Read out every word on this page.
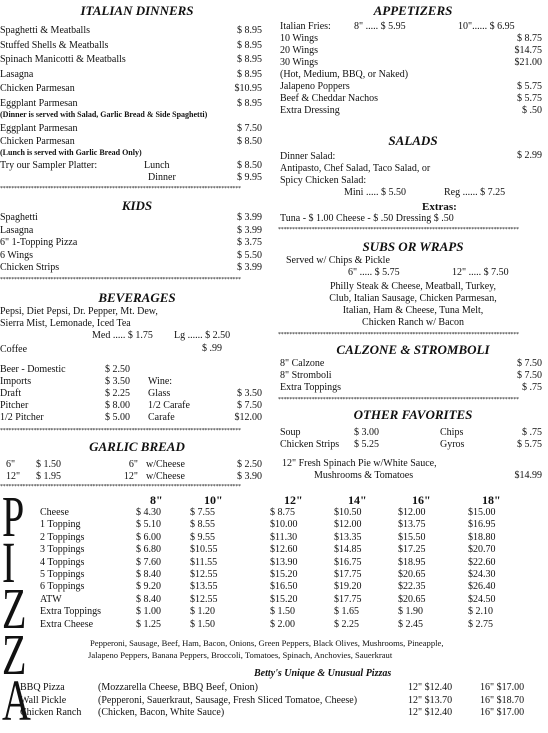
ITALIAN DINNERS
Spaghetti & Meatballs	$ 8.95
Stuffed Shells & Meatballs	$ 8.95
Spinach Manicotti & Meatballs	$ 8.95
Lasagna	$ 8.95
Chicken Parmesan	$10.95
Eggplant Parmesan	$ 8.95
(Dinner is served with Salad, Garlic Bread & Side Spaghetti)
Eggplant Parmesan	$ 7.50
Chicken Parmesan	$ 8.50
(Lunch is served with Garlic Bread Only)
Try our Sampler Platter:	Lunch	$ 8.50
Dinner	$ 9.95
**************************************************************************************
KIDS
Spaghetti	$ 3.99
Lasagna	$ 3.99
6" 1-Topping Pizza	$ 3.75
6 Wings	$ 5.50
Chicken Strips	$ 3.99
**************************************************************************************
BEVERAGES
Pepsi, Diet Pepsi, Dr. Pepper, Mt. Dew,
Sierra Mist, Lemonade, Iced Tea
Med ..... $ 1.75 Lg ...... $ 2.50
Coffee	$ .99
Beer - Domestic	$ 2.50
Imports	$ 3.50
Draft	$ 2.25
Pitcher	$ 8.00
1/2 Pitcher	$ 5.00
Wine:
Glass	$ 3.50
1/2 Carafe	$ 7.50
Carafe	$12.00
**************************************************************************************
GARLIC BREAD
6" $ 1.50	6" w/Cheese	$ 2.50
12" $ 1.95	12" w/Cheese	$ 3.90
APPETIZERS
Italian Fries: 8" ..... $ 5.95	10"...... $ 6.95
10 Wings	$ 8.75
20 Wings	$14.75
30 Wings	$21.00
(Hot, Medium, BBQ, or Naked)
Jalapeno Poppers	$ 5.75
Beef & Cheddar Nachos	$ 5.75
Extra Dressing	$ .50
SALADS
Dinner Salad:	$ 2.99
Antipasto, Chef Salad, Taco Salad, or
Spicy Chicken Salad:
Mini ..... $ 5.50	Reg ...... $ 7.25
Extras:
Tuna - $ 1.00 Cheese - $ .50 Dressing $ .50
**************************************************************************************
SUBS OR WRAPS
Served w/ Chips & Pickle
6" ..... $ 5.75	12" ..... $ 7.50
Philly Steak & Cheese, Meatball, Turkey,
Club, Italian Sausage, Chicken Parmesan,
Italian, Ham & Cheese, Tuna Melt,
Chicken Ranch w/ Bacon
**************************************************************************************
CALZONE & STROMBOLI
8" Calzone	$ 7.50
8" Stromboli	$ 7.50
Extra Toppings	$ .75
**************************************************************************************
OTHER FAVORITES
Soup	$ 3.00	Chips	$ .75
Chicken Strips $ 5.25	Gyros	$ 5.75
12" Fresh Spinach Pie w/White Sauce,
Mushrooms & Tomatoes	$14.99
**************************************************************************************
P
I
Z
Z
A
8"	10"	12"	14"	16"	18"
Cheese	$ 4.30	$ 7.55	$ 8.75	$10.50	$12.00	$15.00
1 Topping	$ 5.10	$ 8.55	$10.00	$12.00	$13.75	$16.95
2 Toppings	$ 6.00	$ 9.55	$11.30	$13.35	$15.50	$18.80
3 Toppings	$ 6.80	$10.55	$12.60	$14.85	$17.25	$20.70
4 Toppings	$ 7.60	$11.55	$13.90	$16.75	$18.95	$22.60
5 Toppings	$ 8.40	$12.55	$15.20	$17.75	$20.65	$24.30
6 Toppings	$ 9.20	$13.55	$16.50	$19.20	$22.35	$26.40
ATW	$ 8.40	$12.55	$15.20	$17.75	$20.65	$24.50
Extra Toppings	$ 1.00	$ 1.20	$ 1.50	$ 1.65	$ 1.90	$ 2.10
Extra Cheese	$ 1.25	$ 1.50	$ 2.00	$ 2.25	$ 2.45	$ 2.75
Pepperoni, Sausage, Beef, Ham, Bacon, Onions, Green Peppers, Black Olives, Mushrooms, Pineapple,
Jalapeno Peppers, Banana Peppers, Broccoli, Tomatoes, Spinach, Anchovies, Sauerkraut
Betty's Unique & Unusual Pizzas
BBQ Pizza	(Mozzarella Cheese, BBQ Beef, Onion)	12" $12.40	16" $17.00
Wall Pickle	(Pepperoni, Sauerkraut, Sausage, Fresh Sliced Tomatoe, Cheese)	12" $13.70	16" $18.70
Chicken Ranch (Chicken, Bacon, White Sauce)	12" $12.40	16" $17.00
